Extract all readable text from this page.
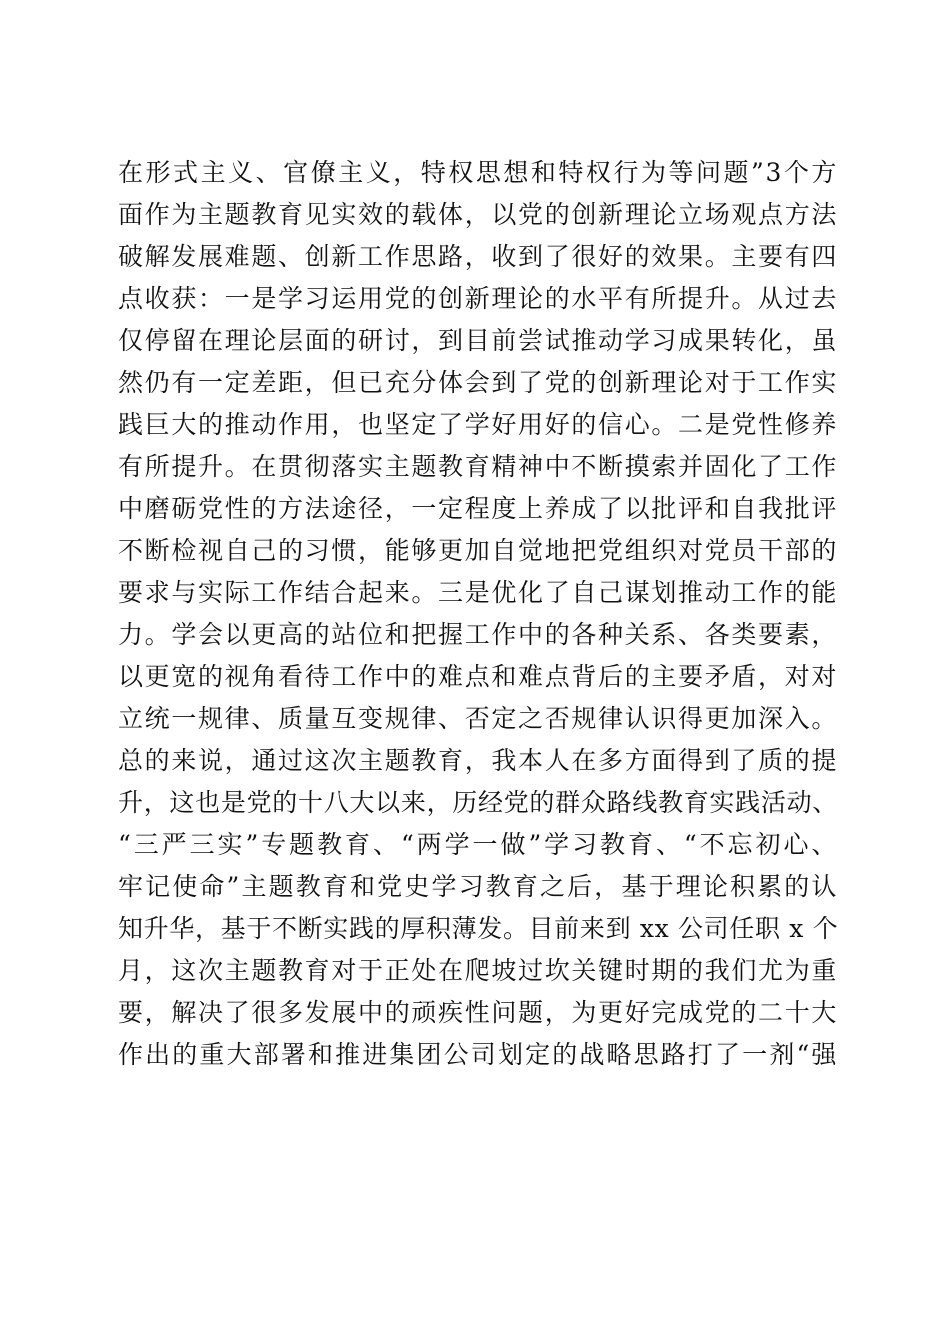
在形式主义、官僚主义，特权思想和特权行为等问题”3个方
面作为主题教育见实效的载体，以党的创新理论立场观点方法
破解发展难题、创新工作思路，收到了很好的效果。主要有四
点收获：一是学习运用党的创新理论的水平有所提升。从过去
仅停留在理论层面的研讨，到目前尝试推动学习成果转化，虽
然仍有一定差距，但已充分体会到了党的创新理论对于工作实
践巨大的推动作用，也坚定了学好用好的信心。二是党性修养
有所提升。在贯彻落实主题教育精神中不断摸索并固化了工作
中磨砺党性的方法途径，一定程度上养成了以批评和自我批评
不断检视自己的习惯，能够更加自觉地把党组织对党员干部的
要求与实际工作结合起来。三是优化了自己谋划推动工作的能
力。学会以更高的站位和把握工作中的各种关系、各类要素，
以更宽的视角看待工作中的难点和难点背后的主要矛盾，对对
立统一规律、质量互变规律、否定之否规律认识得更加深入。
总的来说，通过这次主题教育，我本人在多方面得到了质的提
升，这也是党的十八大以来，历经党的群众路线教育实践活动、
“三严三实”专题教育、“两学一做”学习教育、“不忘初心、
牢记使命”主题教育和党史学习教育之后，基于理论积累的认
知升华，基于不断实践的厚积薄发。目前来到 xx 公司任职 x 个
月，这次主题教育对于正处在爬坡过坎关键时期的我们尤为重
要，解决了很多发展中的顽疾性问题，为更好完成党的二十大
作出的重大部署和推进集团公司划定的战略思路打了一剂“强
